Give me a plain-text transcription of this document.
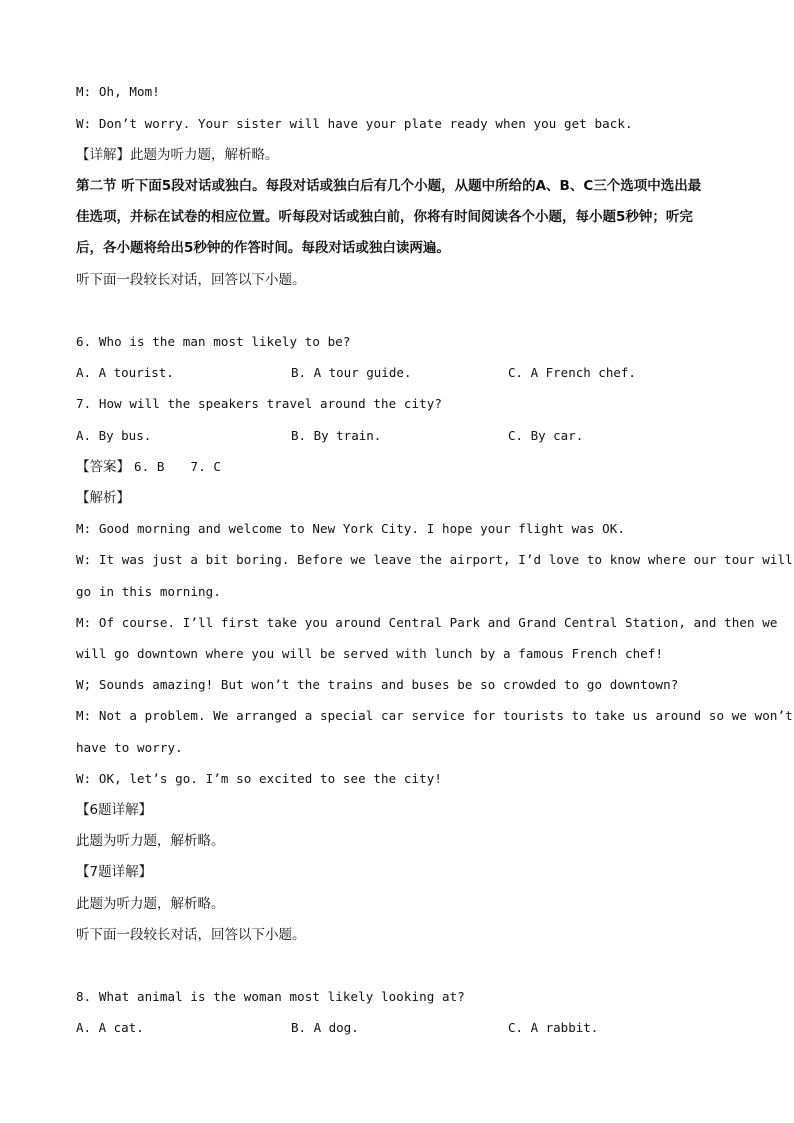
M: Oh, Mom!
W: Don’t worry. Your sister will have your plate ready when you get back.
【详解】此题为听力题，解析略。
第二节 听下面5段对话或独白。每段对话或独白后有几个小题，从题中所给的A、B、C三个选项中选出最
佳选项，并标在试卷的相应位置。听每段对话或独白前，你将有时间阅读各个小题，每小题5秒钟；听完
后，各小题将给出5秒钟的作答时间。每段对话或独白读两遍。
听下面一段较长对话，回答以下小题。
6. Who is the man most likely to be?
A. A tourist.	B. A tour guide.	C. A French chef.
7. How will the speakers travel around the city?
A. By bus.	B. By train.	C. By car.
【答案】 6. B 7. C
【解析】
M: Good morning and welcome to New York City. I hope your flight was OK.
W: It was just a bit boring. Before we leave the airport, I’d love to know where our tour will
go in this morning.
M: Of course. I’ll first take you around Central Park and Grand Central Station, and then we
will go downtown where you will be served with lunch by a famous French chef!
W; Sounds amazing! But won’t the trains and buses be so crowded to go downtown?
M: Not a problem. We arranged a special car service for tourists to take us around so we won’t
have to worry.
W: OK, let’s go. I’m so excited to see the city!
【6题详解】
此题为听力题，解析略。
【7题详解】
此题为听力题，解析略。
听下面一段较长对话，回答以下小题。
8. What animal is the woman most likely looking at?
A. A cat.	B. A dog.	C. A rabbit.
